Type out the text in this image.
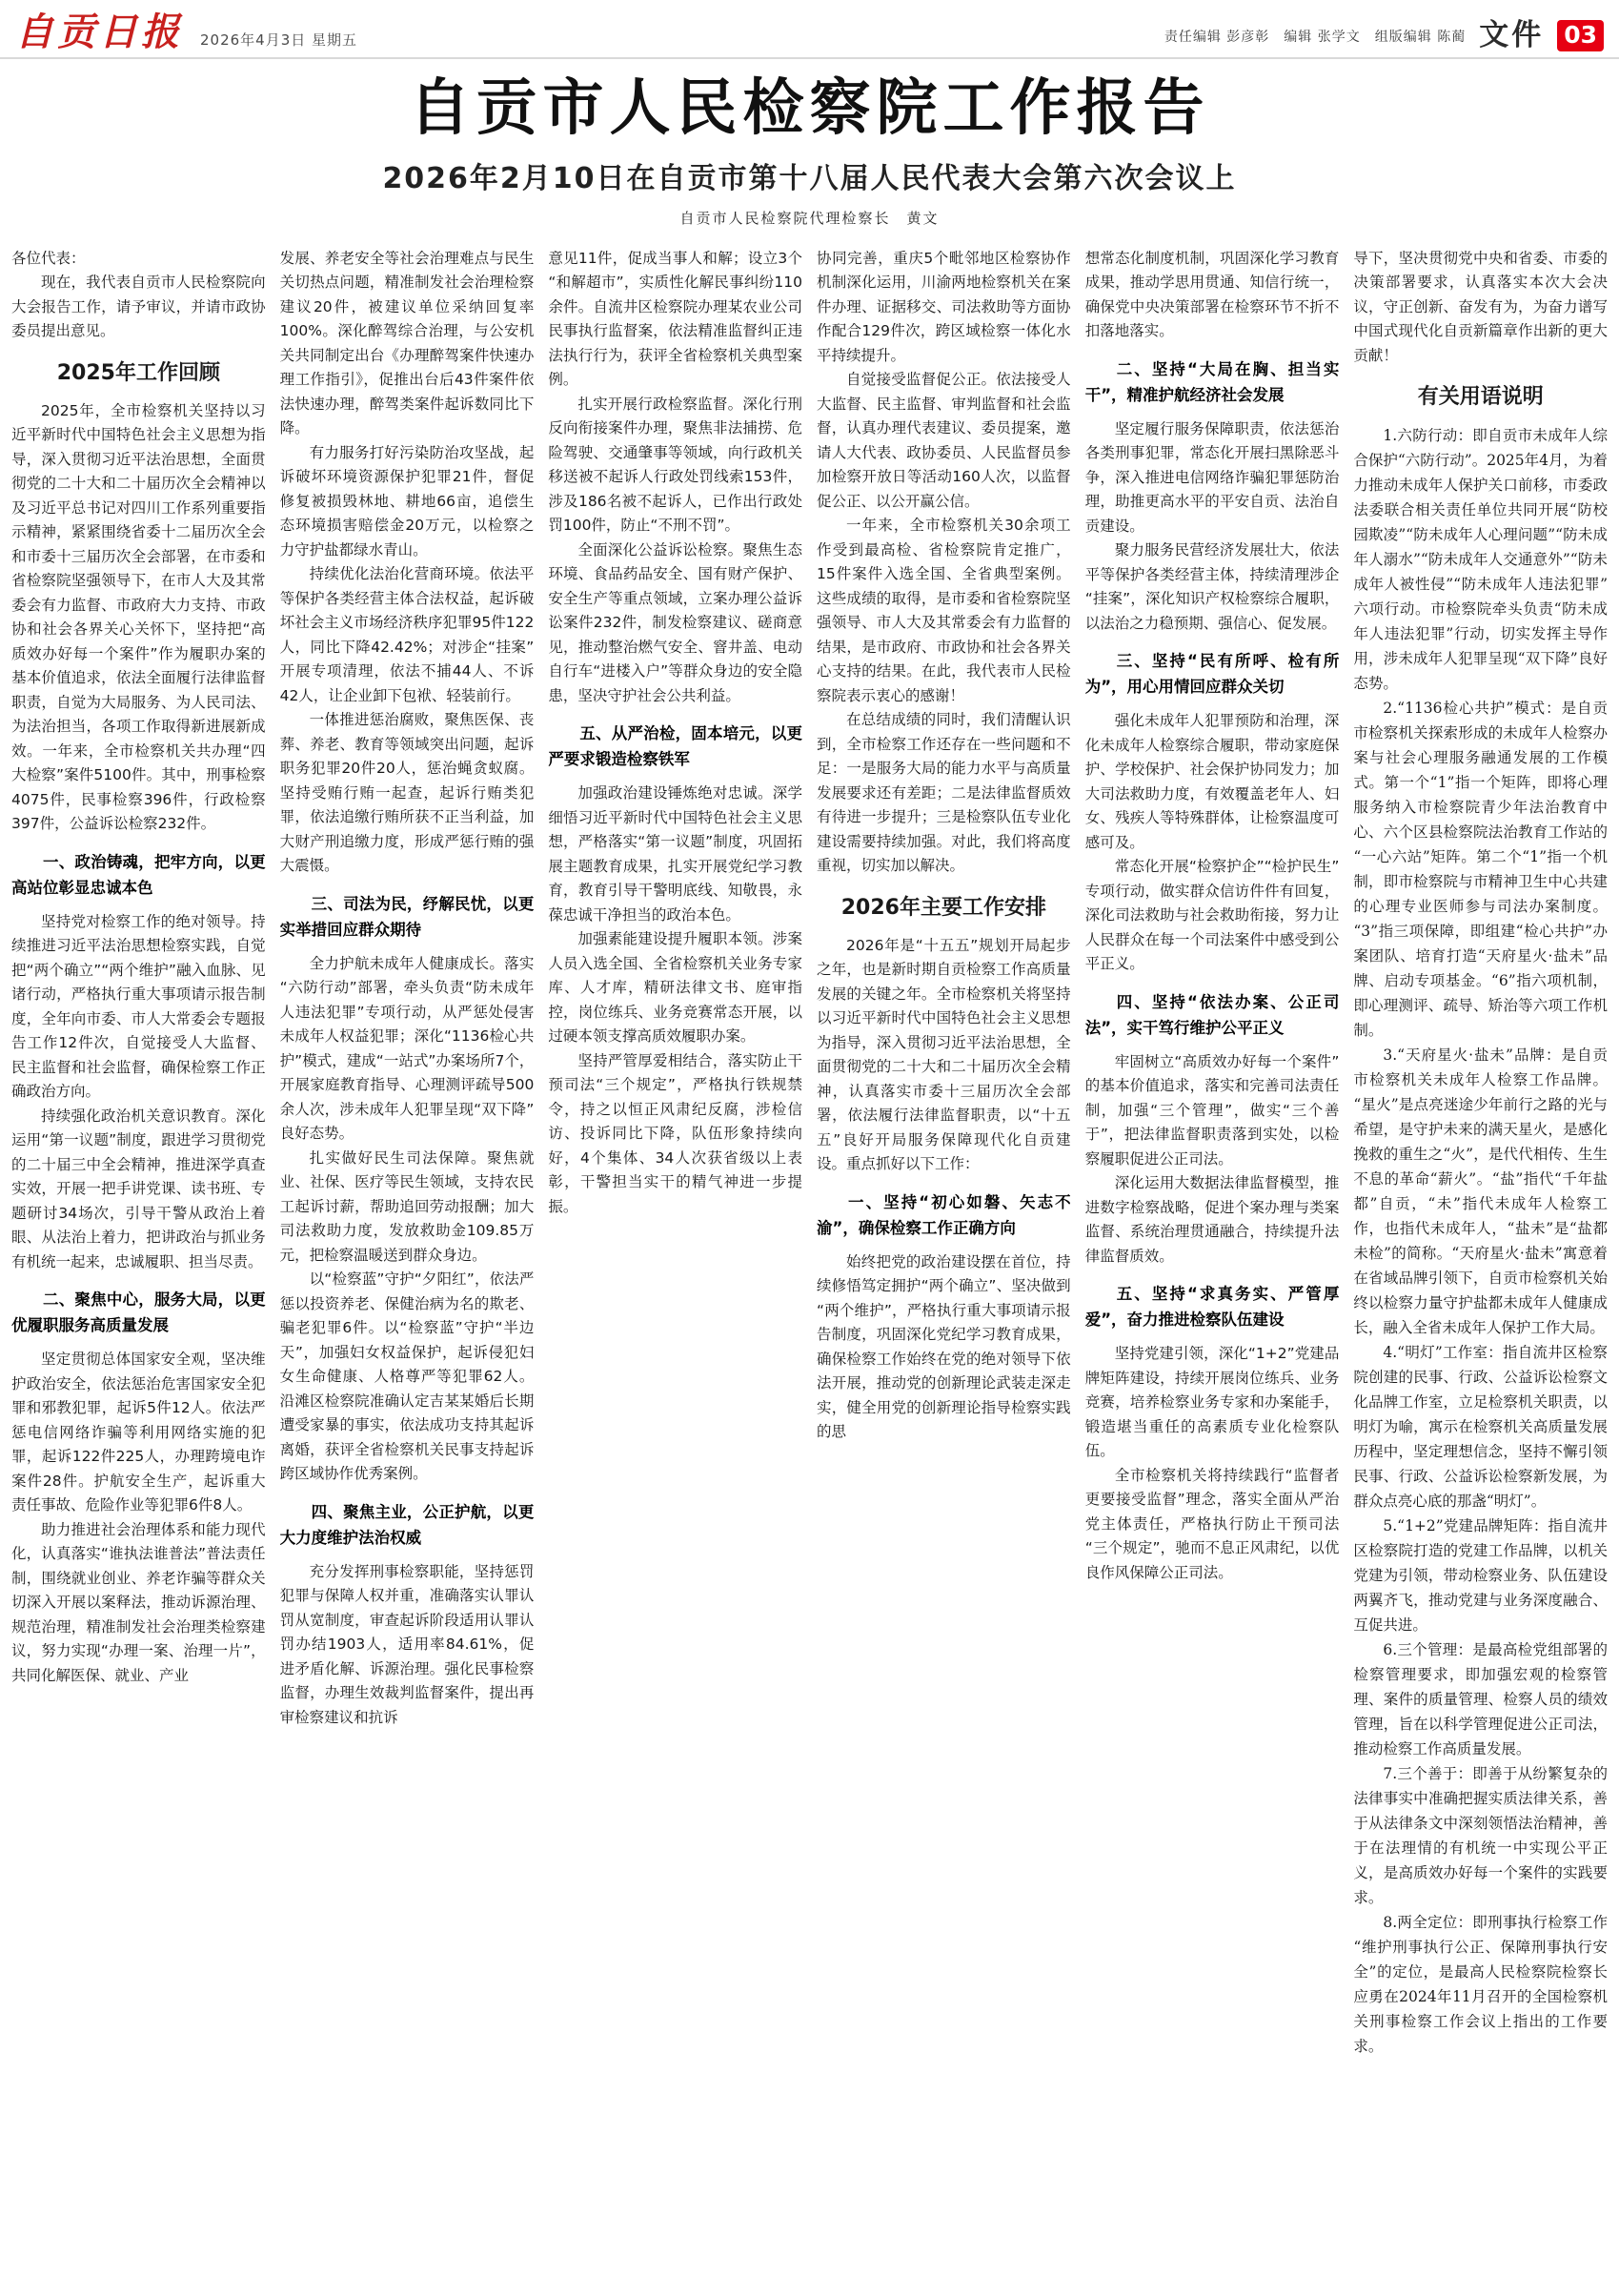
自贡日报 2026年4月3日 星期五	责任编辑 彭彦彰　编辑 张学文　组版编辑 陈蔺 文件 03
自贡市人民检察院工作报告
2026年2月10日在自贡市第十八届人民代表大会第六次会议上
自贡市人民检察院代理检察长　黄文
各位代表：
现在，我代表自贡市人民检察院向大会报告工作，请予审议，并请市政协委员提出意见。
2025年工作回顾
2025年，全市检察机关坚持以习近平新时代中国特色社会主义思想为指导，深入贯彻习近平法治思想，全面贯彻党的二十大和二十届历次全会精神以及习近平总书记对四川工作系列重要指示精神，紧紧围绕省委十二届历次全会和市委十三届历次全会部署，在市委和省检察院坚强领导下，在市人大及其常委会有力监督、市政府大力支持、市政协和社会各界关心关怀下，坚持把“高质效办好每一个案件”作为履职办案的基本价值追求，依法全面履行法律监督职责，自觉为大局服务、为人民司法、为法治担当，各项工作取得新进展新成效。一年来，全市检察机关共办理“四大检察”案件5100件。其中，刑事检察4075件，民事检察396件，行政检察397件，公益诉讼检察232件。
一、政治铸魂，把牢方向，以更高站位彰显忠诚本色
坚持党对检察工作的绝对领导。持续推进习近平法治思想检察实践，自觉把“两个确立”“两个维护”融入血脉、见诸行动，严格执行重大事项请示报告制度，全年向市委、市人大常委会专题报告工作12件次，自觉接受人大监督、民主监督和社会监督，确保检察工作正确政治方向。
持续强化政治机关意识教育。深化运用“第一议题”制度，跟进学习贯彻党的二十届三中全会精神，推进深学真查实效，开展一把手讲党课、读书班、专题研讨34场次，引导干警从政治上着眼、从法治上着力，把讲政治与抓业务有机统一起来，忠诚履职、担当尽责。
二、聚焦中心，服务大局，以更优履职服务高质量发展
坚定贯彻总体国家安全观，坚决维护政治安全，依法惩治危害国家安全犯罪和邪教犯罪，起诉5件12人。依法严惩电信网络诈骗等利用网络实施的犯罪，起诉122件225人，办理跨境电诈案件28件。护航安全生产，起诉重大责任事故、危险作业等犯罪6件8人。
助力推进社会治理体系和能力现代化，认真落实“谁执法谁普法”普法责任制，围绕就业创业、养老诈骗等群众关切深入开展以案释法，推动诉源治理、规范治理，精准制发社会治理类检察建议，努力实现“办理一案、治理一片”，共同化解医保、就业、产业
发展、养老安全等社会治理难点与民生关切热点问题，精准制发社会治理检察建议20件，被建议单位采纳回复率100%。深化醉驾综合治理，与公安机关共同制定出台《办理醉驾案件快速办理工作指引》，促推出台后43件案件依法快速办理，醉驾类案件起诉数同比下降。
有力服务打好污染防治攻坚战，起诉破坏环境资源保护犯罪21件，督促修复被损毁林地、耕地66亩，追偿生态环境损害赔偿金20万元，以检察之力守护盐都绿水青山。
持续优化法治化营商环境。依法平等保护各类经营主体合法权益，起诉破坏社会主义市场经济秩序犯罪95件122人，同比下降42.42%；对涉企“挂案”开展专项清理，依法不捕44人、不诉42人，让企业卸下包袱、轻装前行。
一体推进惩治腐败，聚焦医保、丧葬、养老、教育等领域突出问题，起诉职务犯罪20件20人，惩治蝇贪蚁腐。坚持受贿行贿一起查，起诉行贿类犯罪，依法追缴行贿所获不正当利益，加大财产刑追缴力度，形成严惩行贿的强大震慑。
三、司法为民，纾解民忧，以更实举措回应群众期待
全力护航未成年人健康成长。落实“六防行动”部署，牵头负责“防未成年人违法犯罪”专项行动，从严惩处侵害未成年人权益犯罪；深化“1136检心共护”模式，建成“一站式”办案场所7个，开展家庭教育指导、心理测评疏导500余人次，涉未成年人犯罪呈现“双下降”良好态势。
扎实做好民生司法保障。聚焦就业、社保、医疗等民生领域，支持农民工起诉讨薪，帮助追回劳动报酬；加大司法救助力度，发放救助金109.85万元，把检察温暖送到群众身边。
以“检察蓝”守护“夕阳红”，依法严惩以投资养老、保健治病为名的欺老、骗老犯罪6件。以“检察蓝”守护“半边天”，加强妇女权益保护，起诉侵犯妇女生命健康、人格尊严等犯罪62人。沿滩区检察院准确认定吉某某婚后长期遭受家暴的事实，依法成功支持其起诉离婚，获评全省检察机关民事支持起诉跨区域协作优秀案例。
四、聚焦主业，公正护航，以更大力度维护法治权威
充分发挥刑事检察职能，坚持惩罚犯罪与保障人权并重，准确落实认罪认罚从宽制度，审查起诉阶段适用认罪认罚办结1903人，适用率84.61%，促进矛盾化解、诉源治理。强化民事检察监督，办理生效裁判监督案件，提出再审检察建议和抗诉
意见11件，促成当事人和解；设立3个“和解超市”，实质性化解民事纠纷110余件。自流井区检察院办理某农业公司民事执行监督案，依法精准监督纠正违法执行行为，获评全省检察机关典型案例。
扎实开展行政检察监督。深化行刑反向衔接案件办理，聚焦非法捕捞、危险驾驶、交通肇事等领域，向行政机关移送被不起诉人行政处罚线索153件，涉及186名被不起诉人，已作出行政处罚100件，防止“不刑不罚”。
全面深化公益诉讼检察。聚焦生态环境、食品药品安全、国有财产保护、安全生产等重点领域，立案办理公益诉讼案件232件，制发检察建议、磋商意见，推动整治燃气安全、窨井盖、电动自行车“进楼入户”等群众身边的安全隐患，坚决守护社会公共利益。
五、从严治检，固本培元，以更严要求锻造检察铁军
加强政治建设锤炼绝对忠诚。深学细悟习近平新时代中国特色社会主义思想，严格落实“第一议题”制度，巩固拓展主题教育成果，扎实开展党纪学习教育，教育引导干警明底线、知敬畏，永葆忠诚干净担当的政治本色。
加强素能建设提升履职本领。涉案人员入选全国、全省检察机关业务专家库、人才库，精研法律文书、庭审指控，岗位练兵、业务竞赛常态开展，以过硬本领支撑高质效履职办案。
坚持严管厚爱相结合，落实防止干预司法“三个规定”，严格执行铁规禁令，持之以恒正风肃纪反腐，涉检信访、投诉同比下降，队伍形象持续向好，4个集体、34人次获省级以上表彰，干警担当实干的精气神进一步提振。
协同完善，重庆5个毗邻地区检察协作机制深化运用，川渝两地检察机关在案件办理、证据移交、司法救助等方面协作配合129件次，跨区域检察一体化水平持续提升。
自觉接受监督促公正。依法接受人大监督、民主监督、审判监督和社会监督，认真办理代表建议、委员提案，邀请人大代表、政协委员、人民监督员参加检察开放日等活动160人次，以监督促公正、以公开赢公信。
一年来，全市检察机关30余项工作受到最高检、省检察院肯定推广，15件案件入选全国、全省典型案例。这些成绩的取得，是市委和省检察院坚强领导、市人大及其常委会有力监督的结果，是市政府、市政协和社会各界关心支持的结果。在此，我代表市人民检察院表示衷心的感谢！
在总结成绩的同时，我们清醒认识到，全市检察工作还存在一些问题和不足：一是服务大局的能力水平与高质量发展要求还有差距；二是法律监督质效有待进一步提升；三是检察队伍专业化建设需要持续加强。对此，我们将高度重视，切实加以解决。
2026年主要工作安排
2026年是“十五五”规划开局起步之年，也是新时期自贡检察工作高质量发展的关键之年。全市检察机关将坚持以习近平新时代中国特色社会主义思想为指导，深入贯彻习近平法治思想，全面贯彻党的二十大和二十届历次全会精神，认真落实市委十三届历次全会部署，依法履行法律监督职责，以“十五五”良好开局服务保障现代化自贡建设。重点抓好以下工作：
一、坚持“初心如磐、矢志不渝”，确保检察工作正确方向
始终把党的政治建设摆在首位，持续修悟笃定拥护“两个确立”、坚决做到“两个维护”，严格执行重大事项请示报告制度，巩固深化党纪学习教育成果，确保检察工作始终在党的绝对领导下依法开展，推动党的创新理论武装走深走实，健全用党的创新理论指导检察实践的思
想常态化制度机制，巩固深化学习教育成果，推动学思用贯通、知信行统一，确保党中央决策部署在检察环节不折不扣落地落实。
二、坚持“大局在胸、担当实干”，精准护航经济社会发展
坚定履行服务保障职责，依法惩治各类刑事犯罪，常态化开展扫黑除恶斗争，深入推进电信网络诈骗犯罪惩防治理，助推更高水平的平安自贡、法治自贡建设。
聚力服务民营经济发展壮大，依法平等保护各类经营主体，持续清理涉企“挂案”，深化知识产权检察综合履职，以法治之力稳预期、强信心、促发展。
三、坚持“民有所呼、检有所为”，用心用情回应群众关切
强化未成年人犯罪预防和治理，深化未成年人检察综合履职，带动家庭保护、学校保护、社会保护协同发力；加大司法救助力度，有效覆盖老年人、妇女、残疾人等特殊群体，让检察温度可感可及。
常态化开展“检察护企”“检护民生”专项行动，做实群众信访件件有回复，深化司法救助与社会救助衔接，努力让人民群众在每一个司法案件中感受到公平正义。
四、坚持“依法办案、公正司法”，实干笃行维护公平正义
牢固树立“高质效办好每一个案件”的基本价值追求，落实和完善司法责任制，加强“三个管理”，做实“三个善于”，把法律监督职责落到实处，以检察履职促进公正司法。
深化运用大数据法律监督模型，推进数字检察战略，促进个案办理与类案监督、系统治理贯通融合，持续提升法律监督质效。
五、坚持“求真务实、严管厚爱”，奋力推进检察队伍建设
坚持党建引领，深化“1+2”党建品牌矩阵建设，持续开展岗位练兵、业务竞赛，培养检察业务专家和办案能手，锻造堪当重任的高素质专业化检察队伍。
全市检察机关将持续践行“监督者更要接受监督”理念，落实全面从严治党主体责任，严格执行防止干预司法“三个规定”，驰而不息正风肃纪，以优良作风保障公正司法。
导下，坚决贯彻党中央和省委、市委的决策部署要求，认真落实本次大会决议，守正创新、奋发有为，为奋力谱写中国式现代化自贡新篇章作出新的更大贡献！
有关用语说明
1.六防行动：即自贡市未成年人综合保护“六防行动”。2025年4月，为着力推动未成年人保护关口前移，市委政法委联合相关责任单位共同开展“防校园欺凌”“防未成年人心理问题”“防未成年人溺水”“防未成年人交通意外”“防未成年人被性侵”“防未成年人违法犯罪”六项行动。市检察院牵头负责“防未成年人违法犯罪”行动，切实发挥主导作用，涉未成年人犯罪呈现“双下降”良好态势。
2.“1136检心共护”模式：是自贡市检察机关探索形成的未成年人检察办案与社会心理服务融通发展的工作模式。第一个“1”指一个矩阵，即将心理服务纳入市检察院青少年法治教育中心、六个区县检察院法治教育工作站的“一心六站”矩阵。第二个“1”指一个机制，即市检察院与市精神卫生中心共建的心理专业医师参与司法办案制度。“3”指三项保障，即组建“检心共护”办案团队、培育打造“天府星火·盐未”品牌、启动专项基金。“6”指六项机制，即心理测评、疏导、矫治等六项工作机制。
3.“天府星火·盐未”品牌：是自贡市检察机关未成年人检察工作品牌。“星火”是点亮迷途少年前行之路的光与希望，是守护未来的满天星火，是感化挽救的重生之“火”，是代代相传、生生不息的革命“薪火”。“盐”指代“千年盐都”自贡，“未”指代未成年人检察工作，也指代未成年人，“盐未”是“盐都未检”的简称。“天府星火·盐未”寓意着在省域品牌引领下，自贡市检察机关始终以检察力量守护盐都未成年人健康成长，融入全省未成年人保护工作大局。
4.“明灯”工作室：指自流井区检察院创建的民事、行政、公益诉讼检察文化品牌工作室，立足检察机关职责，以明灯为喻，寓示在检察机关高质量发展历程中，坚定理想信念，坚持不懈引领民事、行政、公益诉讼检察新发展，为群众点亮心底的那盏“明灯”。
5.“1+2”党建品牌矩阵：指自流井区检察院打造的党建工作品牌，以机关党建为引领，带动检察业务、队伍建设两翼齐飞，推动党建与业务深度融合、互促共进。
6.三个管理：是最高检党组部署的检察管理要求，即加强宏观的检察管理、案件的质量管理、检察人员的绩效管理，旨在以科学管理促进公正司法，推动检察工作高质量发展。
7.三个善于：即善于从纷繁复杂的法律事实中准确把握实质法律关系，善于从法律条文中深刻领悟法治精神，善于在法理情的有机统一中实现公平正义，是高质效办好每一个案件的实践要求。
8.两全定位：即刑事执行检察工作“维护刑事执行公正、保障刑事执行安全”的定位，是最高人民检察院检察长应勇在2024年11月召开的全国检察机关刑事检察工作会议上指出的工作要求。
